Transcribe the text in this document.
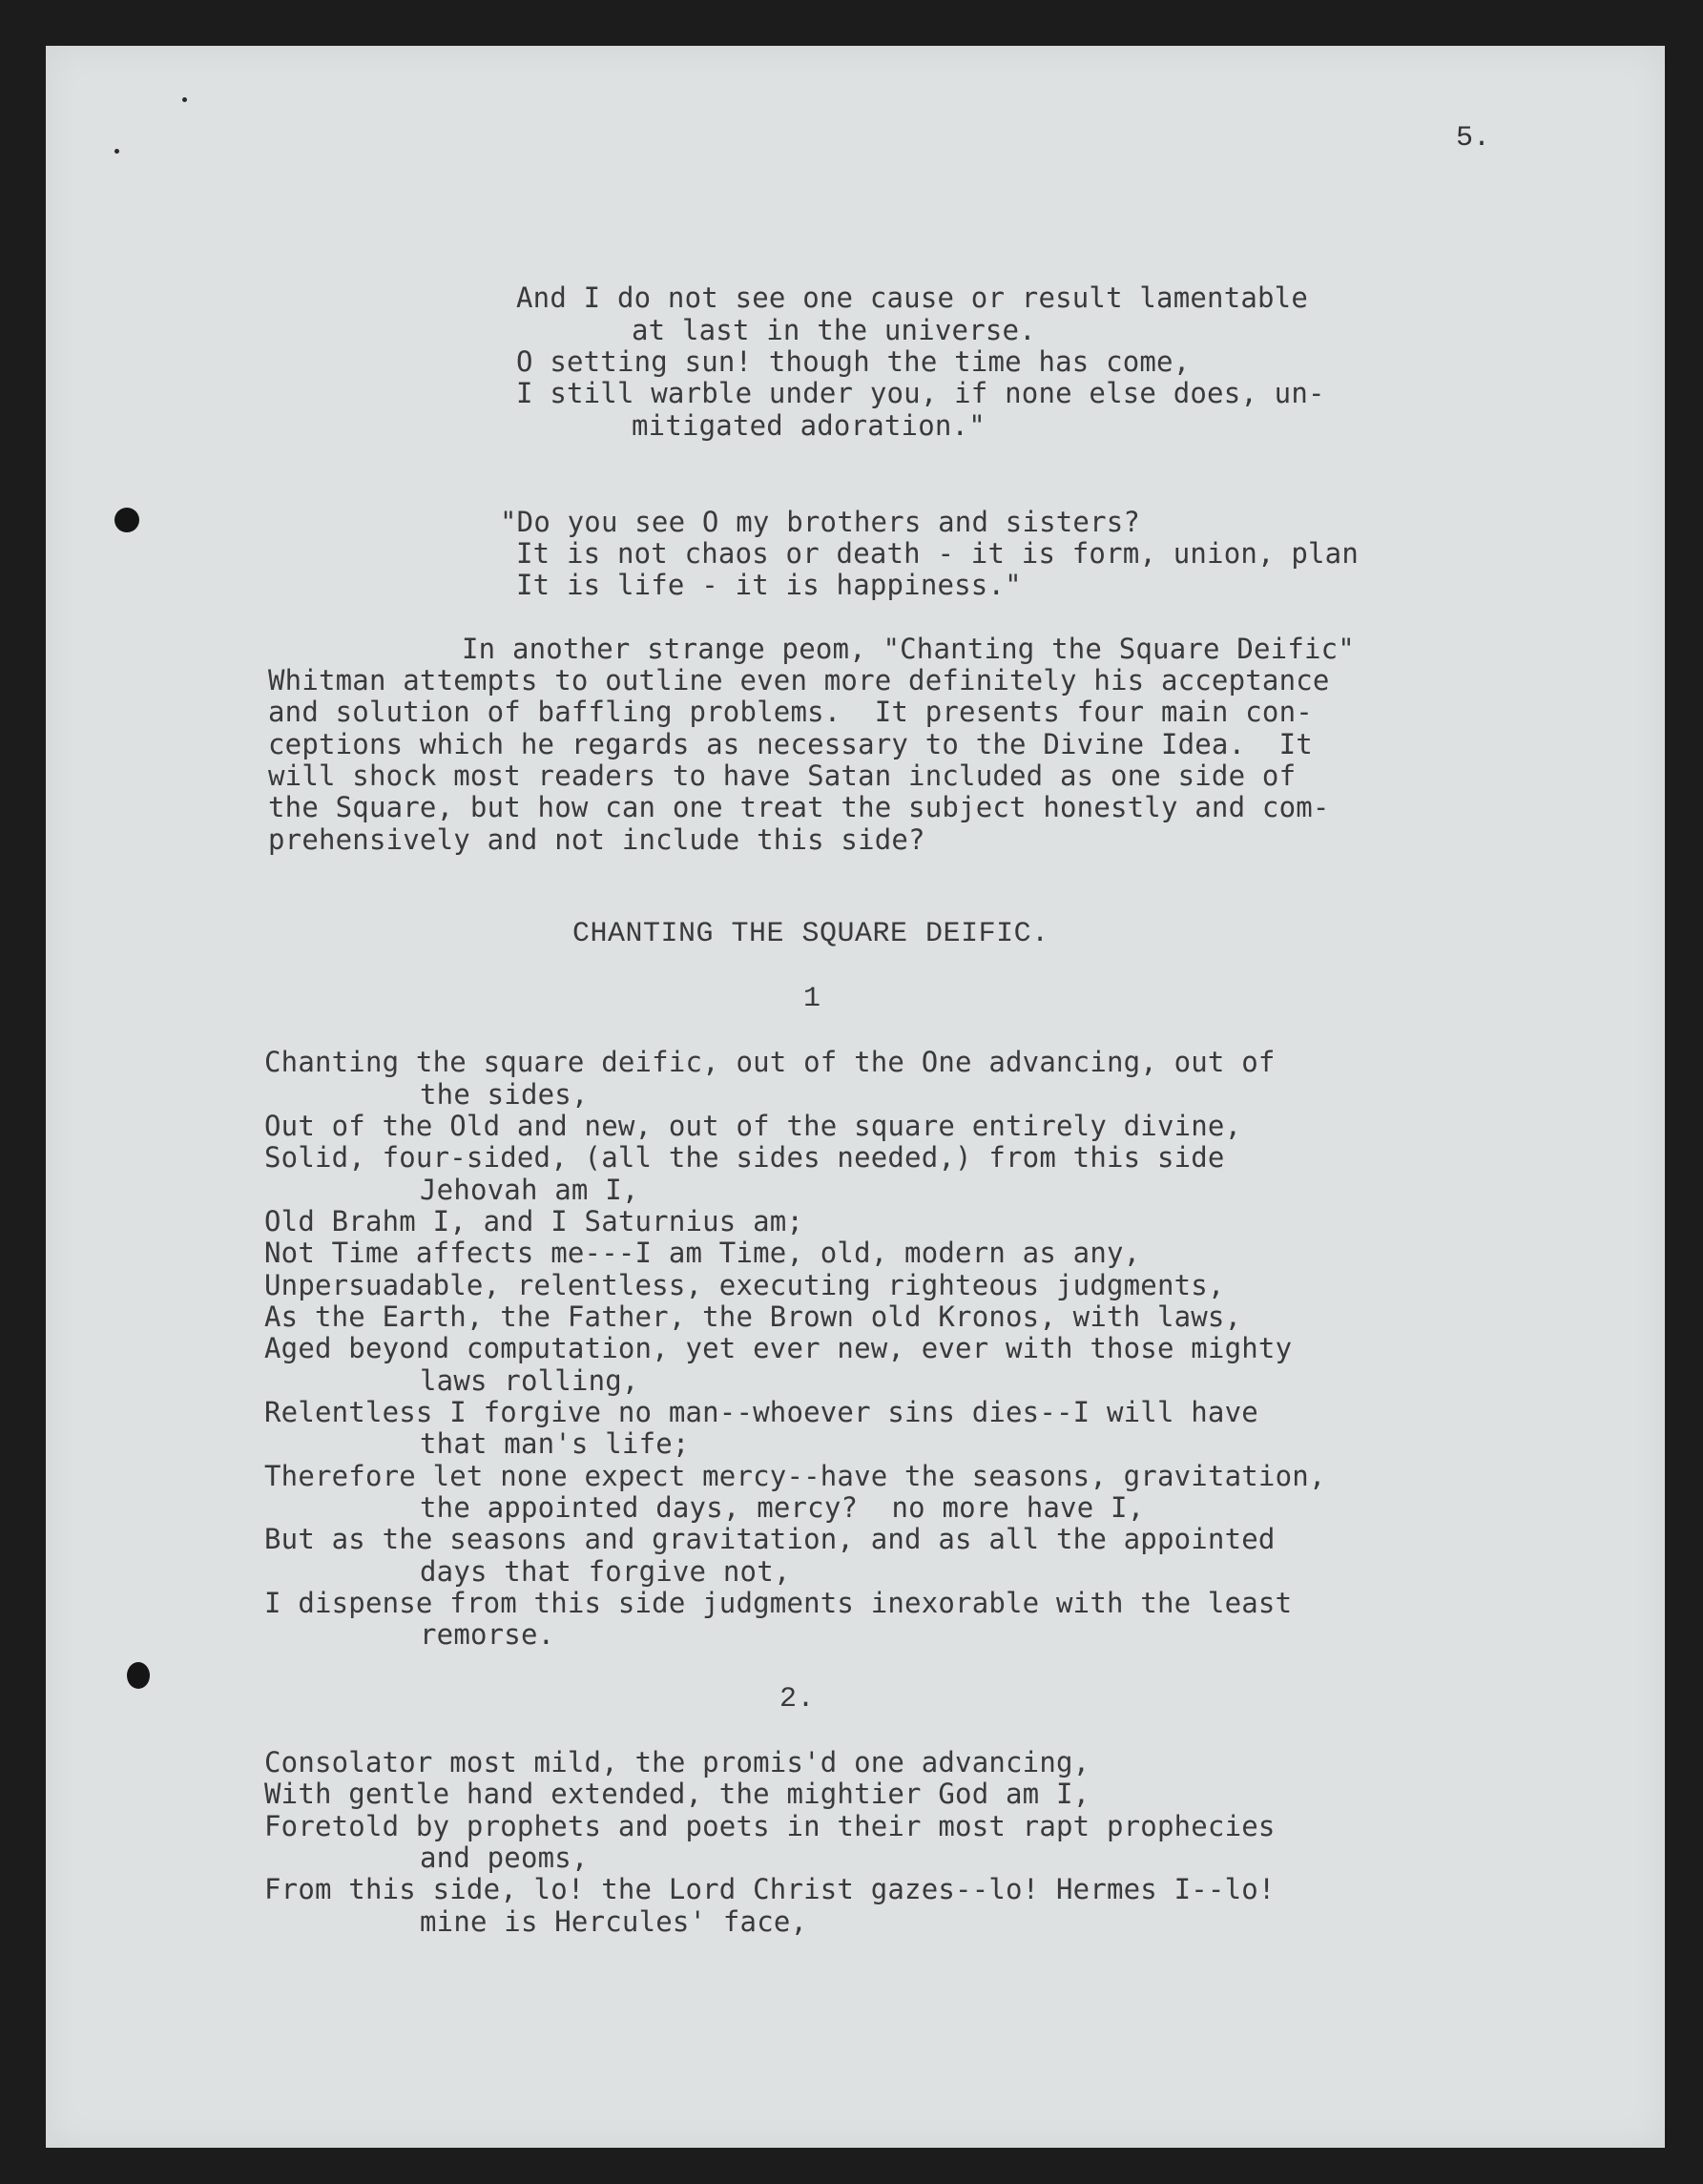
5.
And I do not see one cause or result lamentable
at last in the universe.
O setting sun! though the time has come,
I still warble under you, if none else does, un-
mitigated adoration."
"Do you see O my brothers and sisters?
It is not chaos or death - it is form, union, plan
It is life - it is happiness."
In another strange peom, "Chanting the Square Deific"
Whitman attempts to outline even more definitely his acceptance
and solution of baffling problems.  It presents four main con-
ceptions which he regards as necessary to the Divine Idea.  It
will shock most readers to have Satan included as one side of
the Square, but how can one treat the subject honestly and com-
prehensively and not include this side?
CHANTING THE SQUARE DEIFIC.
1
Chanting the square deific, out of the One advancing, out of
the sides,
Out of the Old and new, out of the square entirely divine,
Solid, four-sided, (all the sides needed,) from this side
Jehovah am I,
Old Brahm I, and I Saturnius am;
Not Time affects me---I am Time, old, modern as any,
Unpersuadable, relentless, executing righteous judgments,
As the Earth, the Father, the Brown old Kronos, with laws,
Aged beyond computation, yet ever new, ever with those mighty
laws rolling,
Relentless I forgive no man--whoever sins dies--I will have
that man's life;
Therefore let none expect mercy--have the seasons, gravitation,
the appointed days, mercy?  no more have I,
But as the seasons and gravitation, and as all the appointed
days that forgive not,
I dispense from this side judgments inexorable with the least
remorse.
2.
Consolator most mild, the promis'd one advancing,
With gentle hand extended, the mightier God am I,
Foretold by prophets and poets in their most rapt prophecies
and peoms,
From this side, lo! the Lord Christ gazes--lo! Hermes I--lo!
mine is Hercules' face,
